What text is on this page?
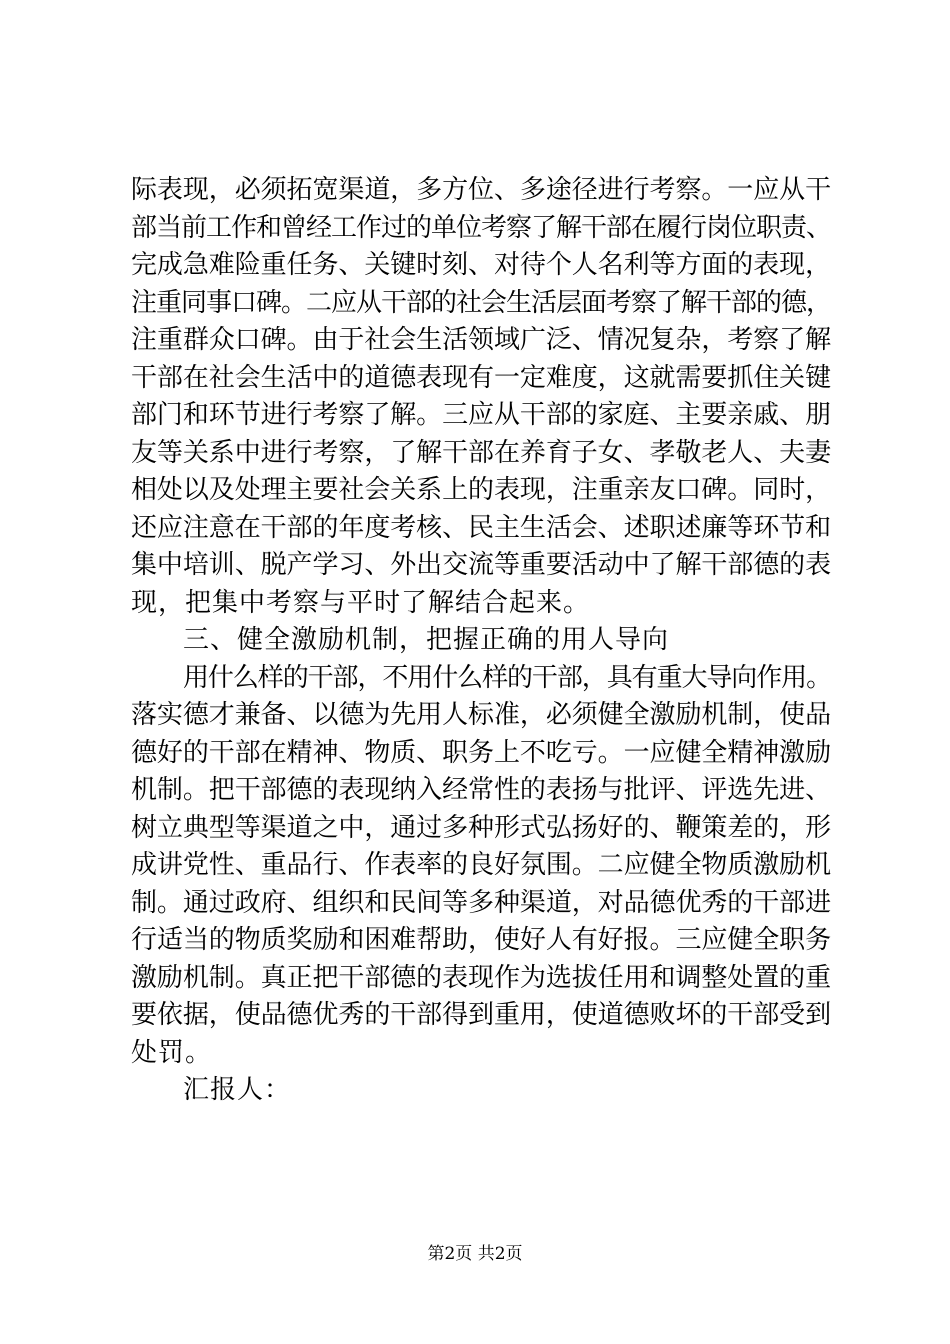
际表现，必须拓宽渠道，多方位、多途径进行考察。一应从干
部当前工作和曾经工作过的单位考察了解干部在履行岗位职责、
完成急难险重任务、关键时刻、对待个人名利等方面的表现，
注重同事口碑。二应从干部的社会生活层面考察了解干部的德，
注重群众口碑。由于社会生活领域广泛、情况复杂，考察了解
干部在社会生活中的道德表现有一定难度，这就需要抓住关键
部门和环节进行考察了解。三应从干部的家庭、主要亲戚、朋
友等关系中进行考察，了解干部在养育子女、孝敬老人、夫妻
相处以及处理主要社会关系上的表现，注重亲友口碑。同时，
还应注意在干部的年度考核、民主生活会、述职述廉等环节和
集中培训、脱产学习、外出交流等重要活动中了解干部德的表
现，把集中考察与平时了解结合起来。
三、健全激励机制，把握正确的用人导向
用什么样的干部，不用什么样的干部，具有重大导向作用。
落实德才兼备、以德为先用人标准，必须健全激励机制，使品
德好的干部在精神、物质、职务上不吃亏。一应健全精神激励
机制。把干部德的表现纳入经常性的表扬与批评、评选先进、
树立典型等渠道之中，通过多种形式弘扬好的、鞭策差的，形
成讲党性、重品行、作表率的良好氛围。二应健全物质激励机
制。通过政府、组织和民间等多种渠道，对品德优秀的干部进
行适当的物质奖励和困难帮助，使好人有好报。三应健全职务
激励机制。真正把干部德的表现作为选拔任用和调整处置的重
要依据，使品德优秀的干部得到重用，使道德败坏的干部受到
处罚。
汇报人：
第2页 共2页
